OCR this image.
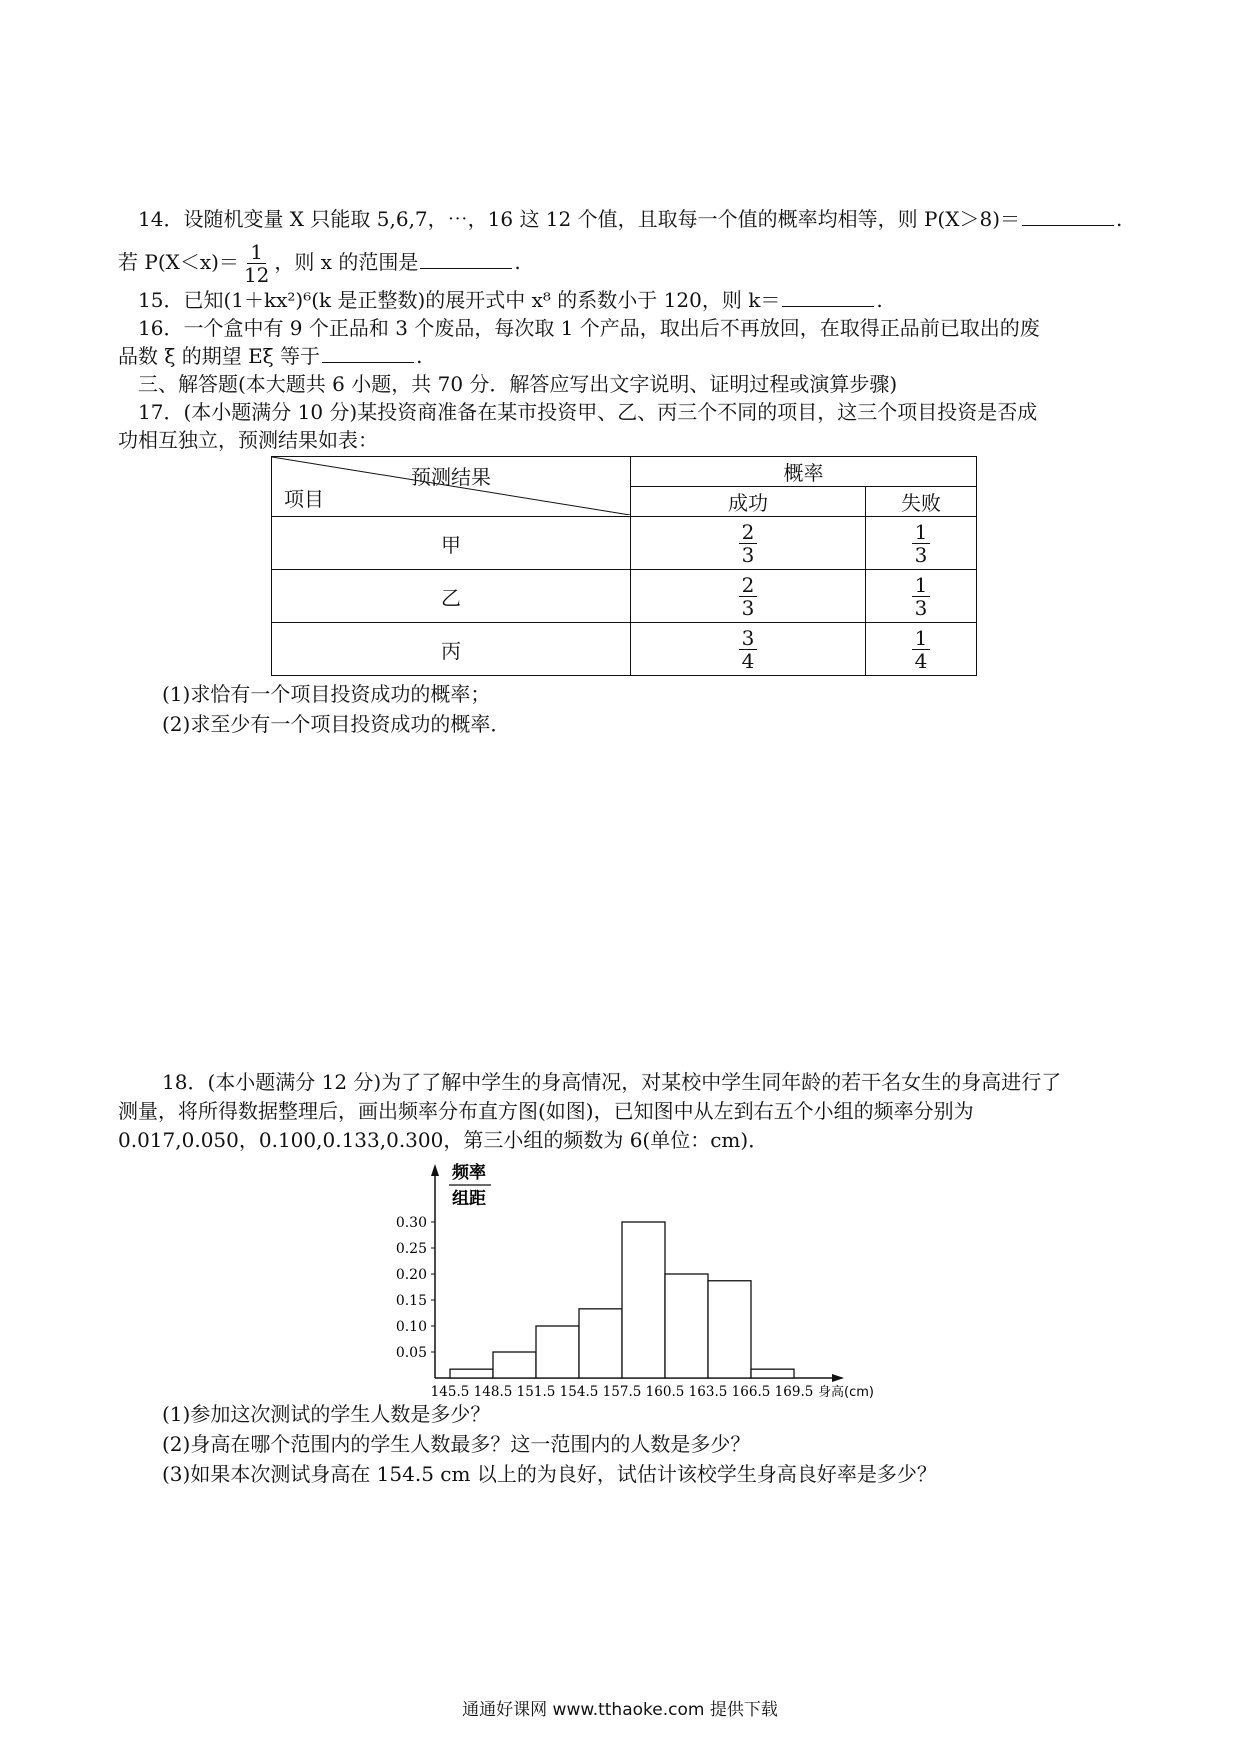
14．设随机变量 X 只能取 5,6,7，⋯，16 这 12 个值，且取每一个值的概率均相等，则 P(X＞8)＝	.
若 $P(X<x)= \frac{1}{12}$ ，则 x 的范围是	.
15．已知(1＋kx²)⁶(k 是正整数)的展开式中 x⁸ 的系数小于 120，则 k＝	.
16．一个盒中有 9 个正品和 3 个废品，每次取 1 个产品，取出后不再放回，在取得正品前已取出的废
品数 ξ 的期望 Eξ 等于	.
三、解答题(本大题共 6 小题，共 70 分．解答应写出文字说明、证明过程或演算步骤)
17．(本小题满分 10 分)某投资商准备在某市投资甲、乙、丙三个不同的项目，这三个项目投资是否成
功相互独立，预测结果如表：
预测结果
项目	概率	
	成功	失败
甲	$\frac{2}{3}$	$\frac{1}{3}$

乙	$\frac{2}{3}$	$\frac{1}{3}$

丙	$\frac{3}{4}$	$\frac{1}{4}$
(1)求恰有一个项目投资成功的概率；
(2)求至少有一个项目投资成功的概率．
18．(本小题满分 12 分)为了了解中学生的身高情况，对某校中学生同年龄的若干名女生的身高进行了
测量，将所得数据整理后，画出频率分布直方图(如图)，已知图中从左到右五个小组的频率分别为
0.017,0.050，0.100,0.133,0.300，第三小组的频数为 6(单位：cm)．
频率
组距
0.05
0.10
0.15
0.20
0.25
0.30
145.5 148.5 151.5 154.5 157.5 160.5 163.5 166.5 169.5 身高(cm)
(1)参加这次测试的学生人数是多少？
(2)身高在哪个范围内的学生人数最多？这一范围内的人数是多少？
(3)如果本次测试身高在 154.5 cm 以上的为良好，试估计该校学生身高良好率是多少？
通通好课网 www.tthaoke.com 提供下载
